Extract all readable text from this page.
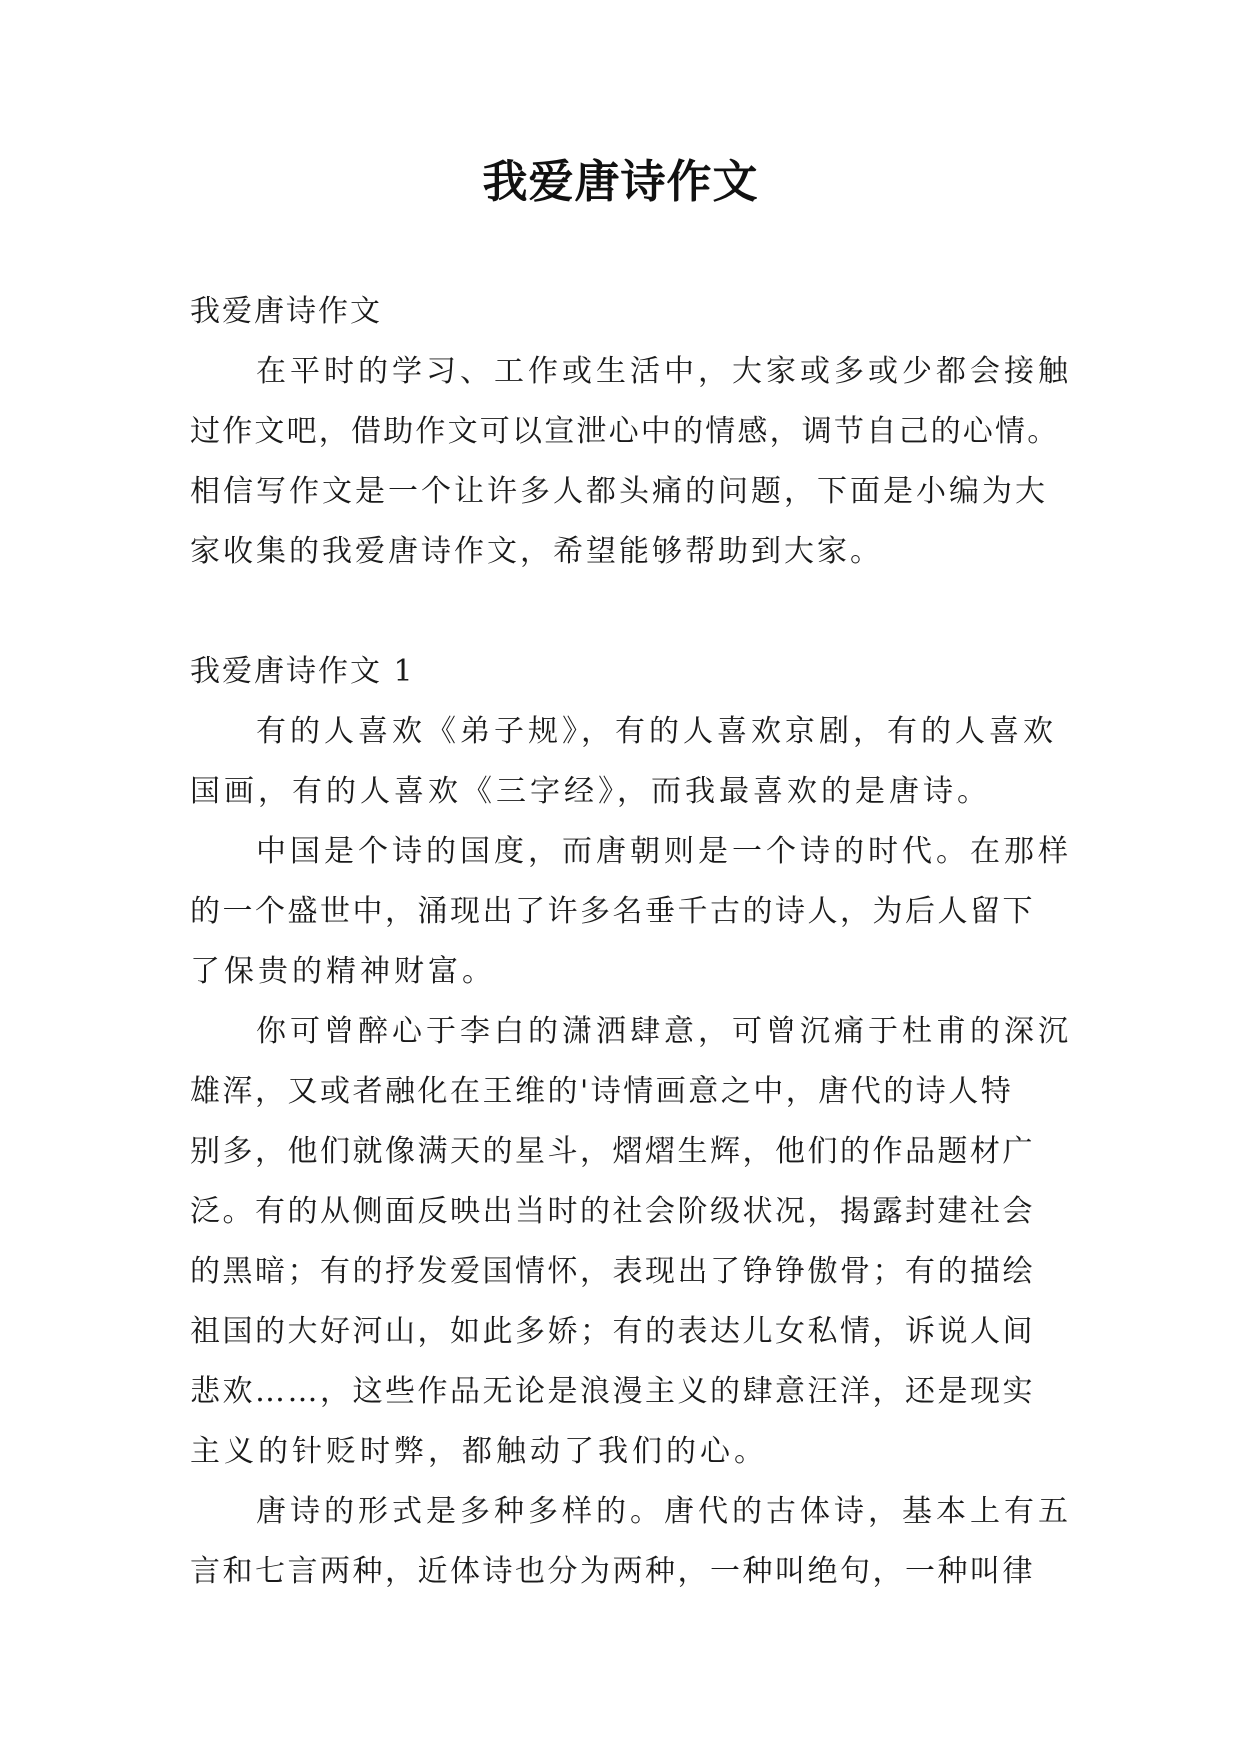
我爱唐诗作文

我爱唐诗作文

在平时的学习、工作或生活中，大家或多或少都会接触

过作文吧，借助作文可以宣泄心中的情感，调节自己的心情。

相信写作文是一个让许多人都头痛的问题，下面是小编为大

家收集的我爱唐诗作文，希望能够帮助到大家。

我爱唐诗作文 1

有的人喜欢《弟子规》，有的人喜欢京剧，有的人喜欢

国画，有的人喜欢《三字经》，而我最喜欢的是唐诗。

中国是个诗的国度，而唐朝则是一个诗的时代。在那样

的一个盛世中，涌现出了许多名垂千古的诗人，为后人留下

了保贵的精神财富。

你可曾醉心于李白的潇洒肆意，可曾沉痛于杜甫的深沉

雄浑，又或者融化在王维的'诗情画意之中，唐代的诗人特

别多，他们就像满天的星斗，熠熠生辉，他们的作品题材广

泛。有的从侧面反映出当时的社会阶级状况，揭露封建社会

的黑暗；有的抒发爱国情怀，表现出了铮铮傲骨；有的描绘

祖国的大好河山，如此多娇；有的表达儿女私情，诉说人间

悲欢……，这些作品无论是浪漫主义的肆意汪洋，还是现实

主义的针贬时弊，都触动了我们的心。

唐诗的形式是多种多样的。唐代的古体诗，基本上有五

言和七言两种，近体诗也分为两种，一种叫绝句，一种叫律
